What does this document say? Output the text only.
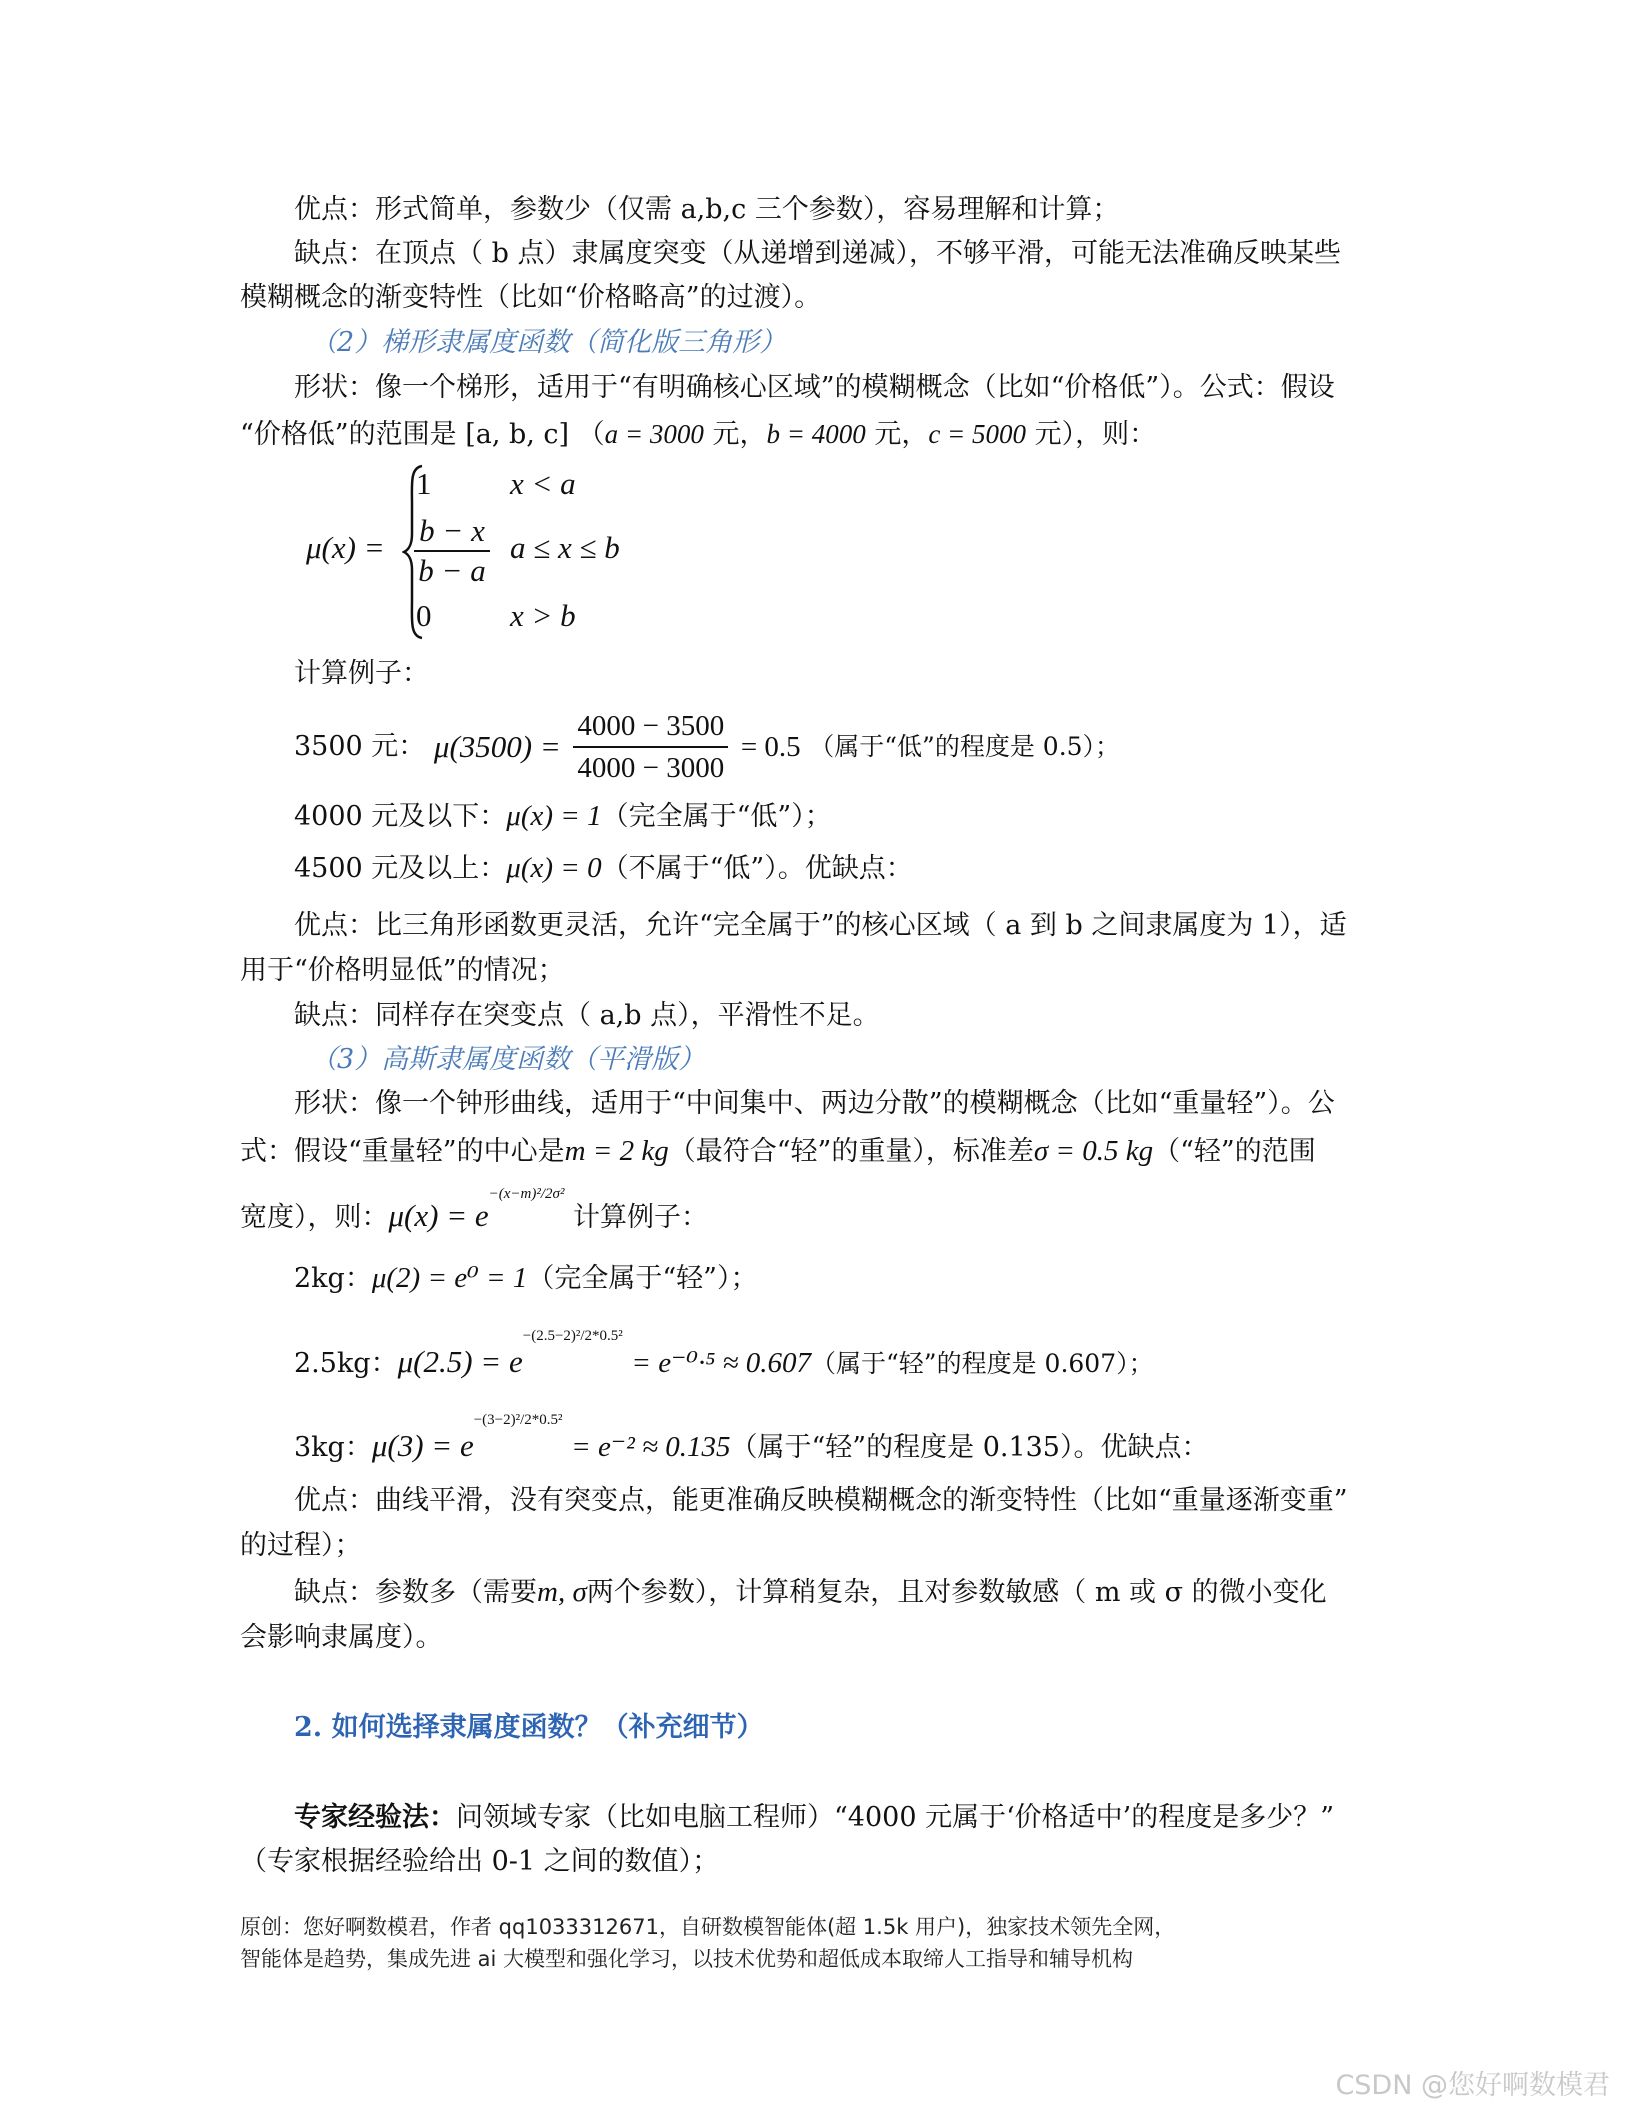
优点：形式简单，参数少（仅需 a,b,c 三个参数），容易理解和计算；
缺点：在顶点（ b 点）隶属度突变（从递增到递减），不够平滑，可能无法准确反映某些
模糊概念的渐变特性（比如“价格略高”的过渡）。
（2）梯形隶属度函数（简化版三角形）
形状：像一个梯形，适用于“有明确核心区域”的模糊概念（比如“价格低”）。公式：假设
“价格低”的范围是 [a, b, c] （a = 3000 元，b = 4000 元，c = 5000 元），则：
μ(x) =
1	x < a
$\frac{b - x}{b - a}$ a ≤ x ≤ b
0	x > b
计算例子：
3500 元： $\mu(3500) = \frac{4000 - 3500}{4000 - 3000} = 0.5$ （属于“低”的程度是 0.5）；
4000 元及以下：μ(x) = 1（完全属于“低”）；
4500 元及以上：μ(x) = 0（不属于“低”）。优缺点：
优点：比三角形函数更灵活，允许“完全属于”的核心区域（ a 到 b 之间隶属度为 1），适
用于“价格明显低”的情况；
缺点：同样存在突变点（ a,b 点），平滑性不足。
（3）高斯隶属度函数（平滑版）
形状：像一个钟形曲线，适用于“中间集中、两边分散”的模糊概念（比如“重量轻”）。公
式：假设“重量轻”的中心是m = 2 kg（最符合“轻”的重量），标准差σ = 0.5 kg（“轻”的范围
宽度），则：$\mu(x) = e^{-(x-m)^2/2\sigma^2}$ 计算例子：
2kg：μ(2) = e⁰ = 1（完全属于“轻”）；
2.5kg：$\mu(2.5) = e^{-(2.5-2)^2/2*0.5^2} = e^{-0}\cdot^5 \approx 0.607$（属于“轻”的程度是 0.607）；
3kg：$\mu(3) = e^{-(3-2)^2/2*0.5^2} = e^{-2} \approx 0.135$（属于“轻”的程度是 0.135）。优缺点：
优点：曲线平滑，没有突变点，能更准确反映模糊概念的渐变特性（比如“重量逐渐变重”
的过程）；
缺点：参数多（需要m, σ两个参数），计算稍复杂，且对参数敏感（ m 或 σ 的微小变化
会影响隶属度）。
2. 如何选择隶属度函数？（补充细节）
专家经验法：问领域专家（比如电脑工程师）“4000 元属于‘价格适中’的程度是多少？”
（专家根据经验给出 0-1 之间的数值）；
原创：您好啊数模君，作者 qq1033312671，自研数模智能体(超 1.5k 用户)，独家技术领先全网，
智能体是趋势，集成先进 ai 大模型和强化学习，以技术优势和超低成本取缔人工指导和辅导机构
CSDN @您好啊数模君
